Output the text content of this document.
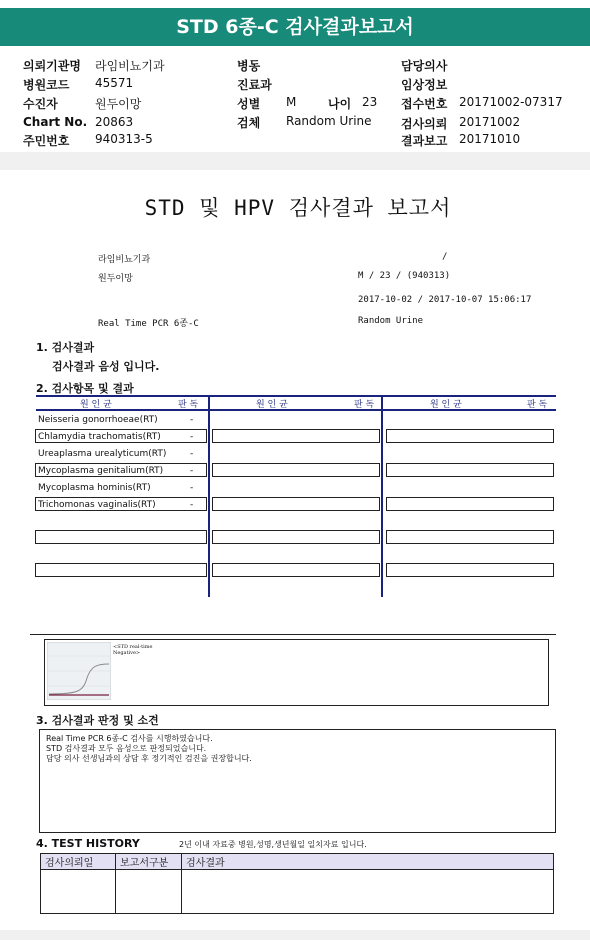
STD 6종-C 검사결과보고서
의뢰기관명 라임비뇨기과
병원코드 45571
수진자	원두이망
Chart No. 20863
주민번호 940313-5
병동
진료과
성별 M	나이 23
검체 Random Urine
담당의사
임상정보
접수번호 20171002-07317
검사의뢰 20171002
결과보고 20171010
STD 및 HPV 검사결과 보고서
라임비뇨기과	/
원두이망	M / 23 / (940313)
2017-10-02 / 2017-10-07 15:06:17
Real Time PCR 6종-C	Random Urine
1. 검사결과
검사결과 음성 입니다.
2. 검사항목 및 결과
원 인 균	판 독	원 인 균	판 독	원 인 균	판 독
Neisseria gonorrhoeae(RT)	-
Chlamydia trachomatis(RT)	-
Ureaplasma urealyticum(RT)	-
Mycoplasma genitalium(RT)	-
Mycoplasma hominis(RT)	-
Trichomonas vaginalis(RT)	-
<STD real-time
Negative>
3. 검사결과 판정 및 소견
Real Time PCR 6종-C 검사를 시행하였습니다.
STD 검사결과 모두 음성으로 판정되었습니다.
담당 의사 선생님과의 상담 후 정기적인 검진을 권장합니다.
4. TEST HISTORY	2년 이내 자료중 병원,성명,생년월일 일치자료 입니다.
검사의뢰일	보고서구분	검사결과
